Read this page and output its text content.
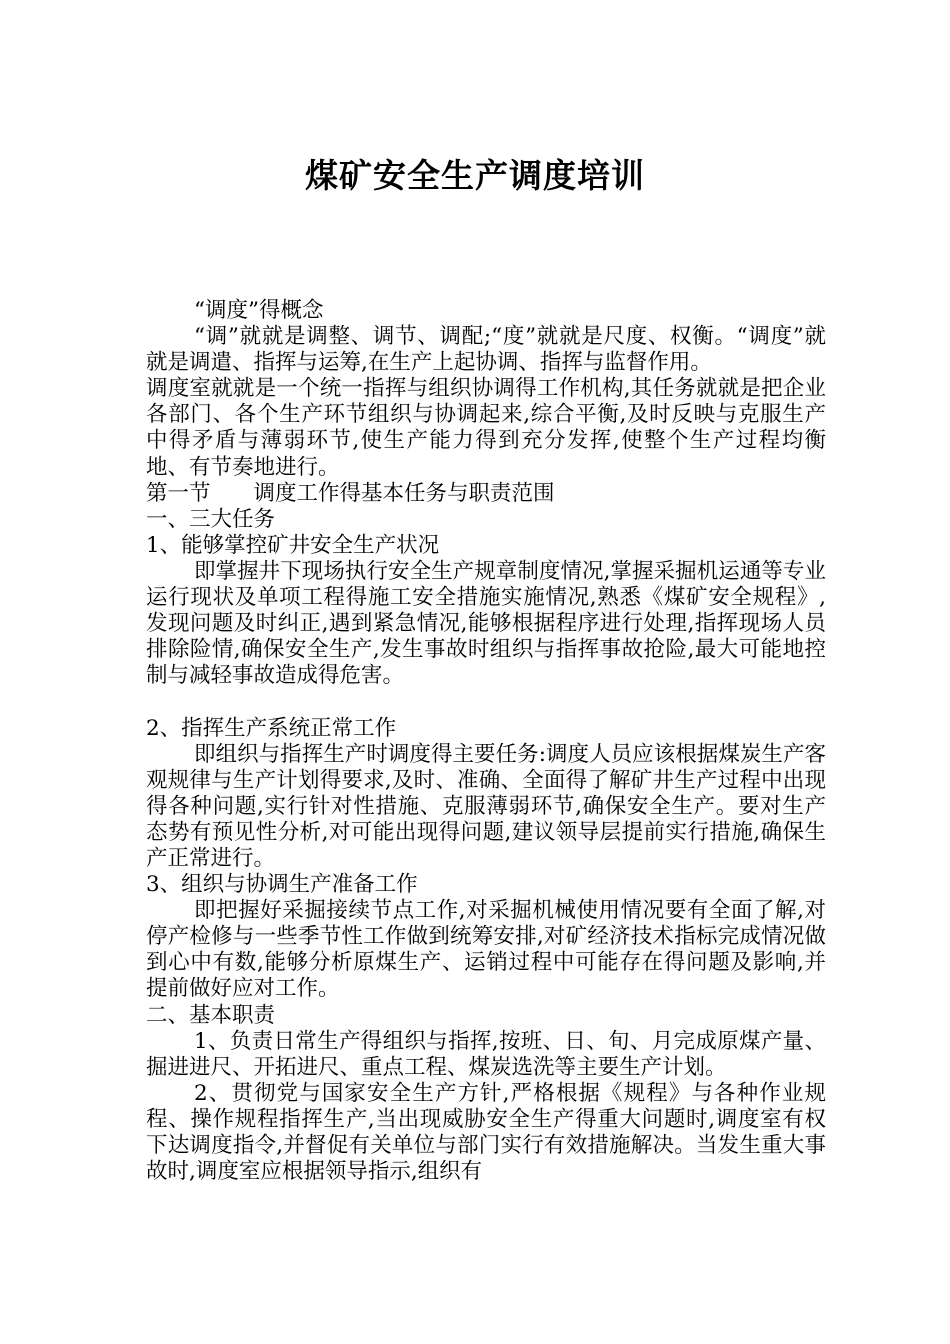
煤矿安全生产调度培训

“调度”得概念

“调”就就是调整、调节、调配;“度”就就是尺度、权衡。“调度”就就是调遣、指挥与运筹,在生产上起协调、指挥与监督作用。

调度室就就是一个统一指挥与组织协调得工作机构,其任务就就是把企业各部门、各个生产环节组织与协调起来,综合平衡,及时反映与克服生产中得矛盾与薄弱环节,使生产能力得到充分发挥,使整个生产过程均衡地、有节奏地进行。

第一节　　调度工作得基本任务与职责范围

一、三大任务

1、能够掌控矿井安全生产状况

即掌握井下现场执行安全生产规章制度情况,掌握采掘机运通等专业运行现状及单项工程得施工安全措施实施情况,熟悉《煤矿安全规程》,发现问题及时纠正,遇到紧急情况,能够根据程序进行处理,指挥现场人员排除险情,确保安全生产,发生事故时组织与指挥事故抢险,最大可能地控制与减轻事故造成得危害。

2、指挥生产系统正常工作

即组织与指挥生产时调度得主要任务:调度人员应该根据煤炭生产客观规律与生产计划得要求,及时、准确、全面得了解矿井生产过程中出现得各种问题,实行针对性措施、克服薄弱环节,确保安全生产。要对生产态势有预见性分析,对可能出现得问题,建议领导层提前实行措施,确保生产正常进行。

3、组织与协调生产准备工作

即把握好采掘接续节点工作,对采掘机械使用情况要有全面了解,对停产检修与一些季节性工作做到统筹安排,对矿经济技术指标完成情况做到心中有数,能够分析原煤生产、运销过程中可能存在得问题及影响,并提前做好应对工作。

二、基本职责

1、负责日常生产得组织与指挥,按班、日、旬、月完成原煤产量、掘进进尺、开拓进尺、重点工程、煤炭选洗等主要生产计划。

2、贯彻党与国家安全生产方针,严格根据《规程》与各种作业规程、操作规程指挥生产,当出现威胁安全生产得重大问题时,调度室有权下达调度指令,并督促有关单位与部门实行有效措施解决。当发生重大事故时,调度室应根据领导指示,组织有
